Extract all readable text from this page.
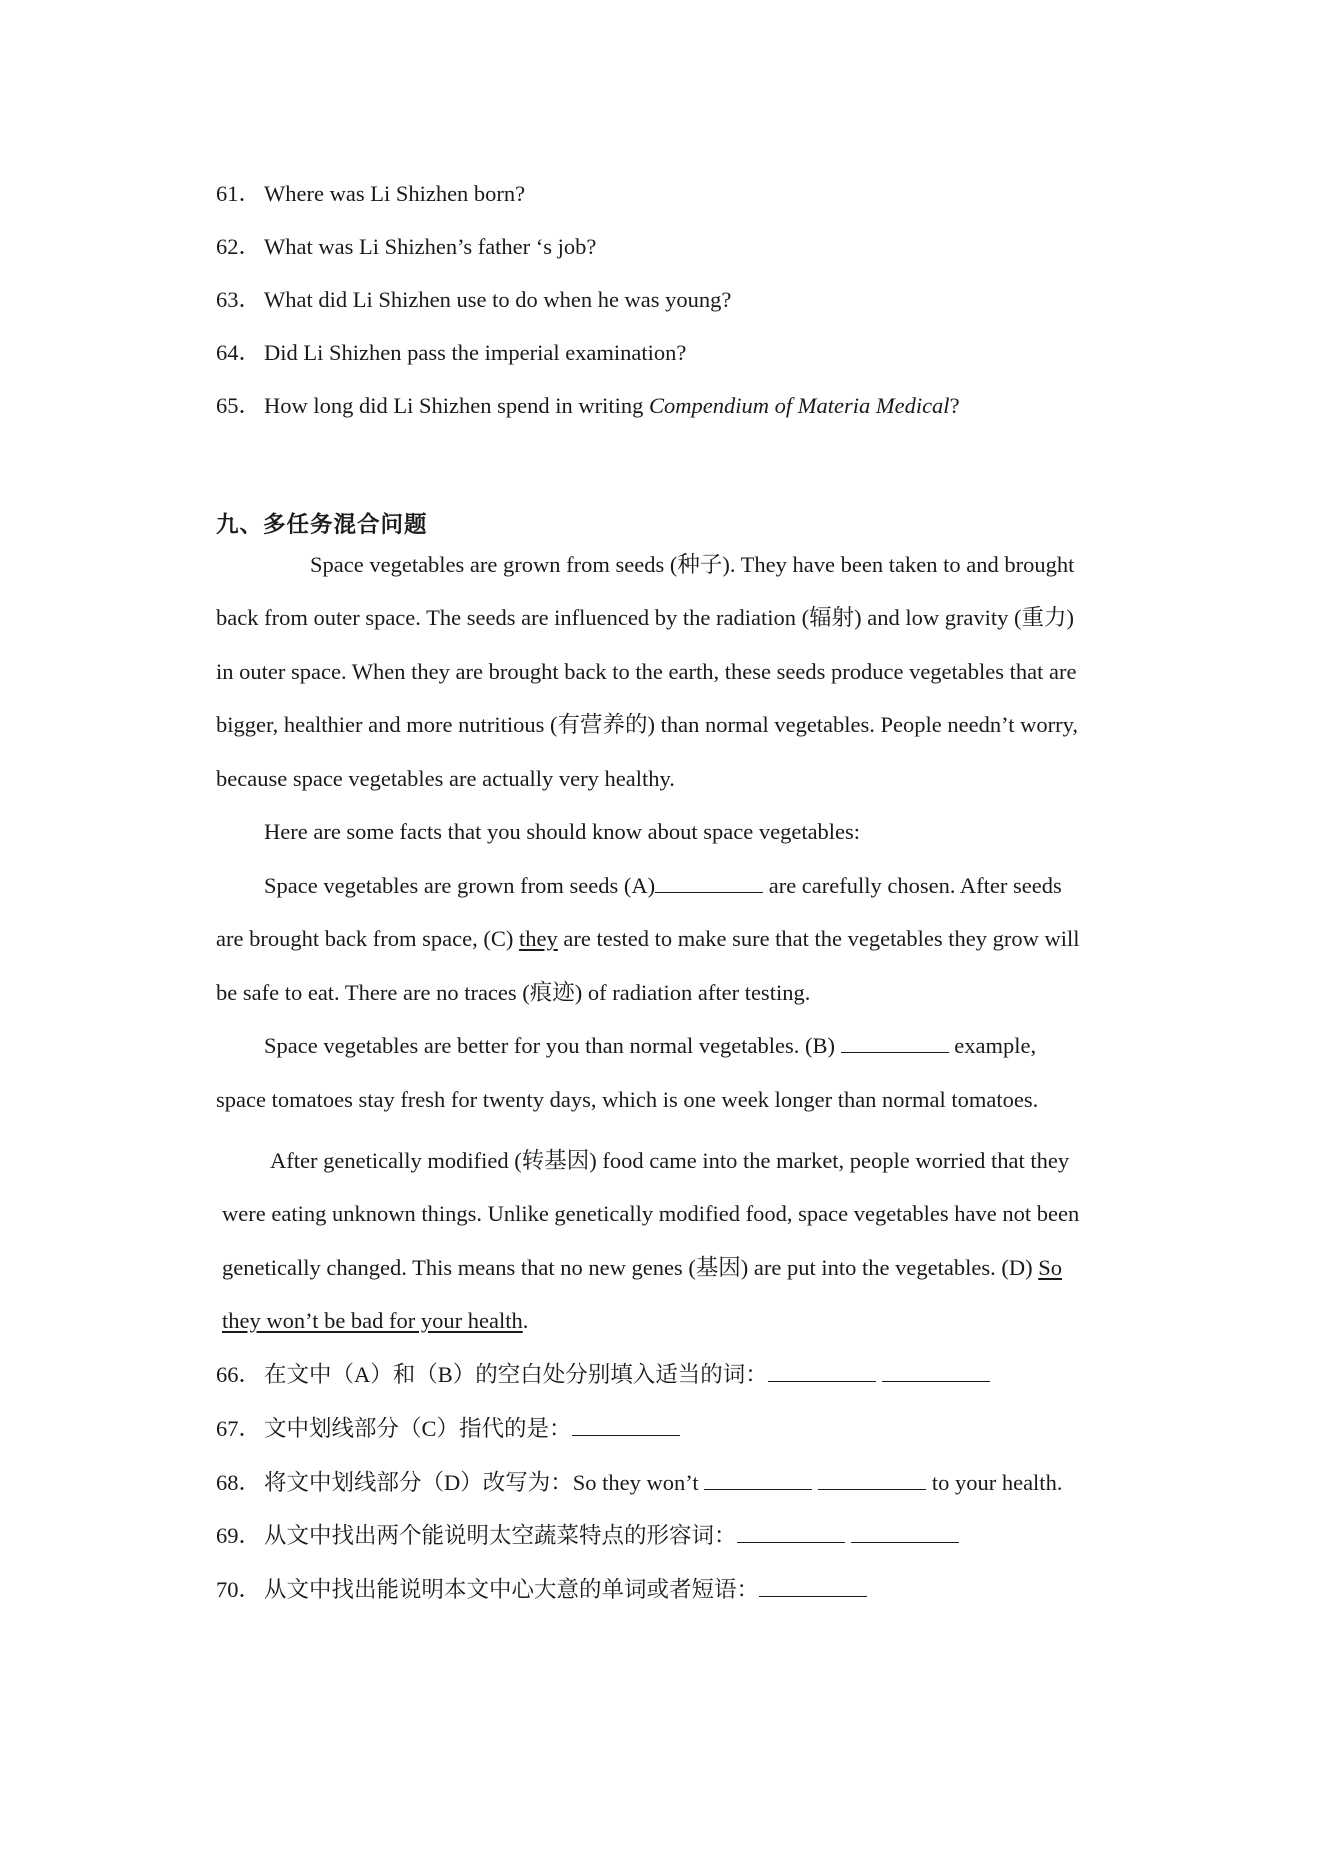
61． Where was Li Shizhen born?
62． What was Li Shizhen’s father ‘s job?
63． What did Li Shizhen use to do when he was young?
64． Did Li Shizhen pass the imperial examination?
65． How long did Li Shizhen spend in writing Compendium of Materia Medical?
九、多任务混合问题
Space vegetables are grown from seeds (种子). They have been taken to and brought
back from outer space. The seeds are influenced by the radiation (辐射) and low gravity (重力)
in outer space. When they are brought back to the earth, these seeds produce vegetables that are
bigger, healthier and more nutritious (有营养的) than normal vegetables. People needn’t worry,
because space vegetables are actually very healthy.
Here are some facts that you should know about space vegetables:
Space vegetables are grown from seeds (A)	are carefully chosen. After seeds
are brought back from space, (C) they are tested to make sure that the vegetables they grow will
be safe to eat. There are no traces (痕迹) of radiation after testing.
Space vegetables are better for you than normal vegetables. (B)	example,
space tomatoes stay fresh for twenty days, which is one week longer than normal tomatoes.
After genetically modified (转基因) food came into the market, people worried that they
were eating unknown things. Unlike genetically modified food, space vegetables have not been
genetically changed. This means that no new genes (基因) are put into the vegetables. (D) So
they won’t be bad for your health.
66． 在文中（A）和（B）的空白处分别填入适当的词：
67． 文中划线部分（C）指代的是：
68． 将文中划线部分（D）改写为：So they won’t	to your health.
69． 从文中找出两个能说明太空蔬菜特点的形容词：
70． 从文中找出能说明本文中心大意的单词或者短语：
